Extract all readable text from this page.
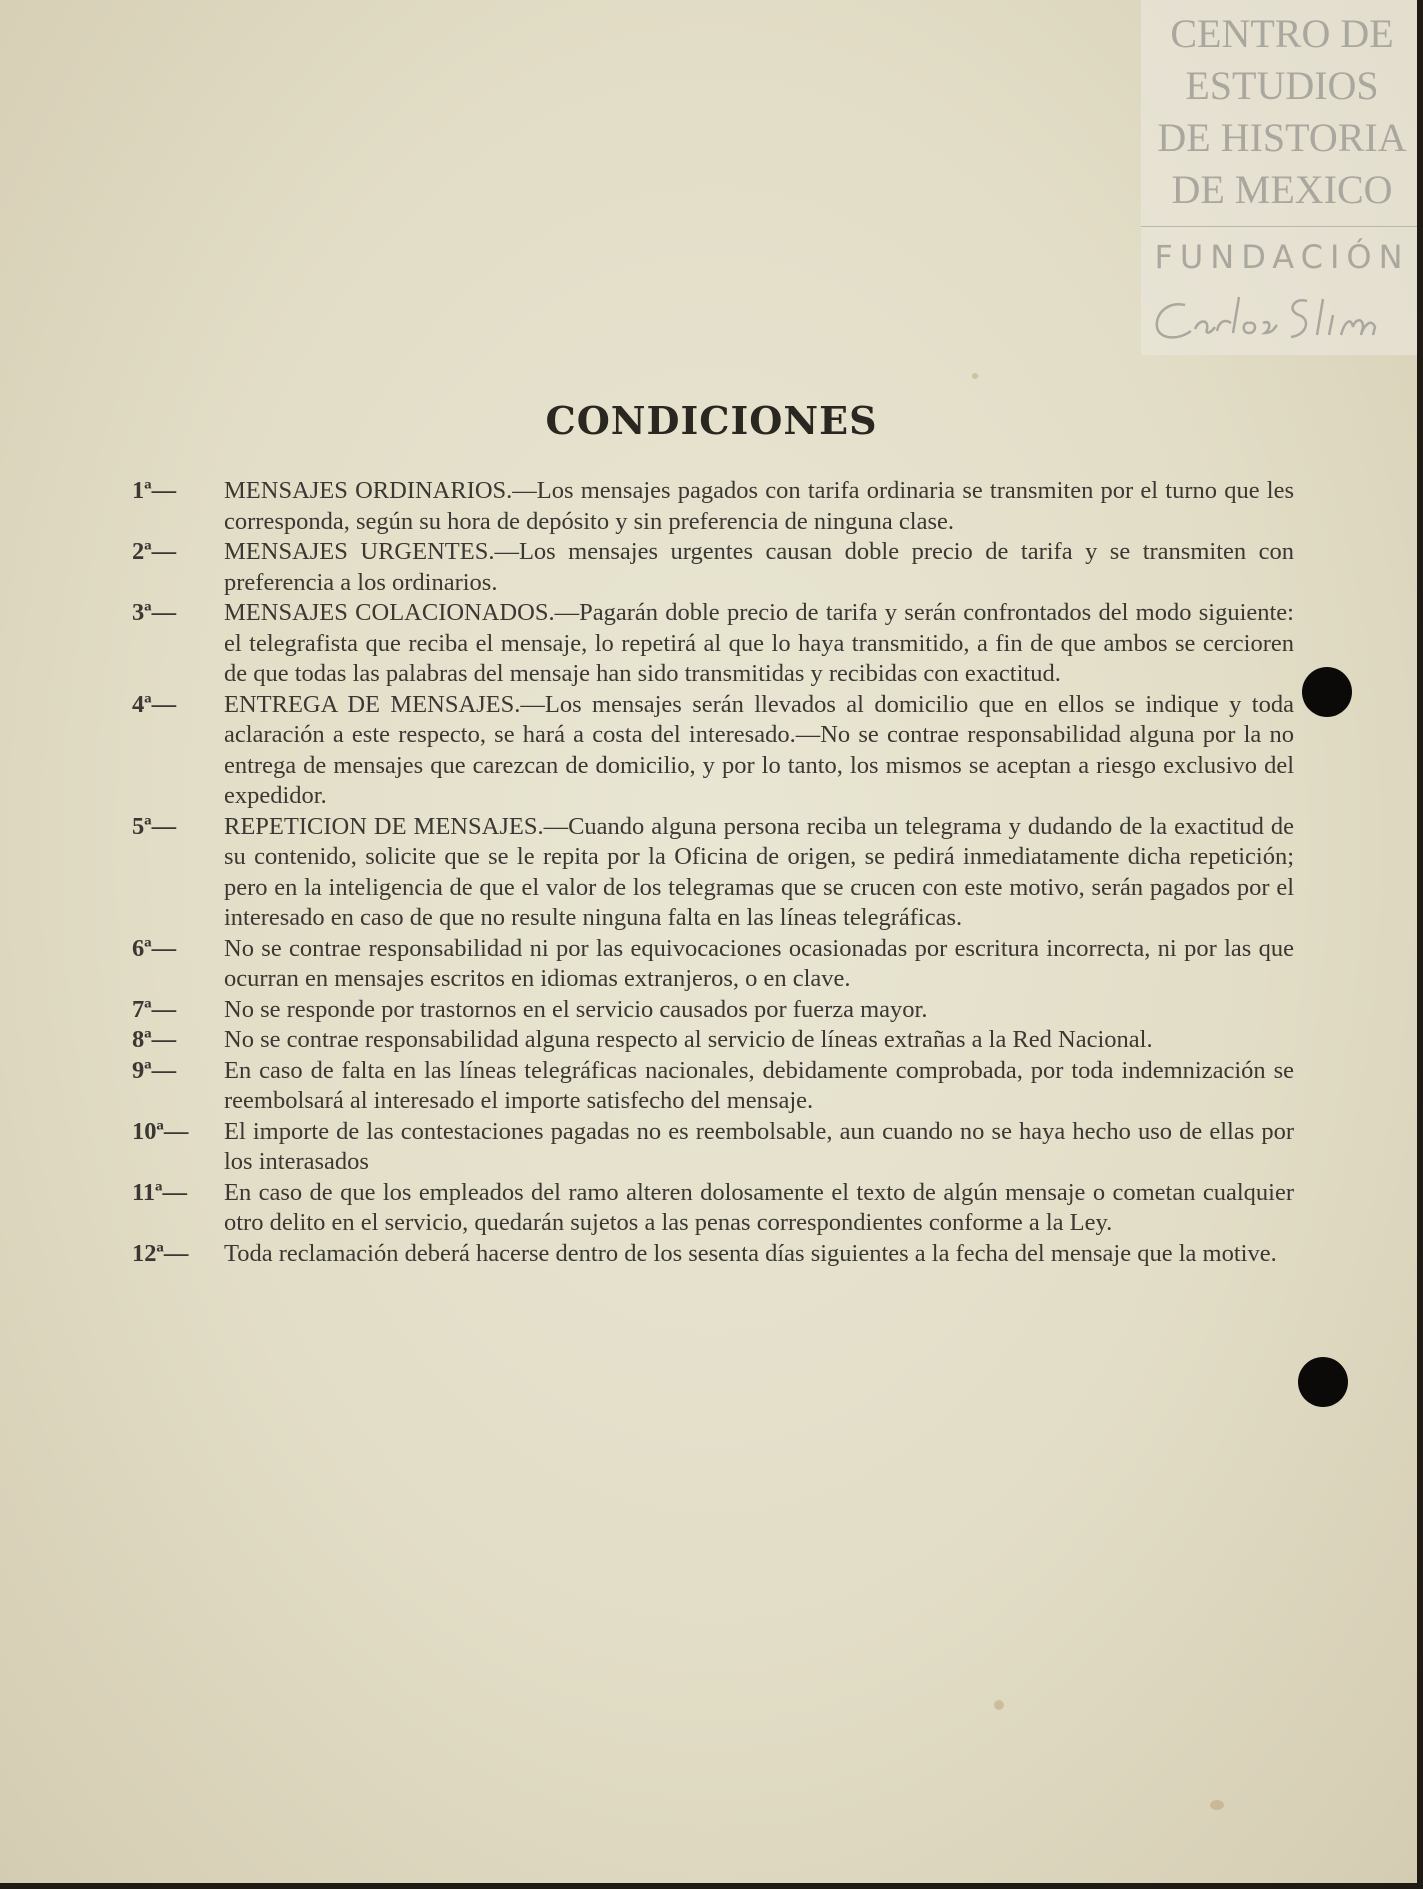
CENTRO DE
ESTUDIOS
DE HISTORIA
DE MEXICO
FUNDACIÓN
CONDICIONES

1ª—	MENSAJES ORDINARIOS.—Los mensajes pagados con tarifa ordinaria se transmiten por el turno que les corresponda, según su hora de depósito y sin preferencia de ninguna clase.

2ª—	MENSAJES URGENTES.—Los mensajes urgentes causan doble precio de tarifa y se transmiten con preferencia a los ordinarios.

3ª—	MENSAJES COLACIONADOS.—Pagarán doble precio de tarifa y serán confrontados del modo siguiente: el telegrafista que reciba el mensaje, lo repetirá al que lo haya transmitido, a fin de que ambos se cercioren de que todas las palabras del mensaje han sido transmitidas y recibidas con exactitud.

4ª—	ENTREGA DE MENSAJES.—Los mensajes serán llevados al domicilio que en ellos se indique y toda aclaración a este respecto, se hará a costa del interesado.—No se contrae responsabilidad alguna por la no entrega de mensajes que carezcan de domicilio, y por lo tanto, los mismos se aceptan a riesgo exclusivo del expedidor.

5ª—	REPETICION DE MENSAJES.—Cuando alguna persona reciba un telegrama y dudando de la exactitud de su contenido, solicite que se le repita por la Oficina de origen, se pedirá inmediatamente dicha repetición; pero en la inteligencia de que el valor de los telegramas que se crucen con este motivo, serán pagados por el interesado en caso de que no resulte ninguna falta en las líneas telegráficas.

6ª—	No se contrae responsabilidad ni por las equivocaciones ocasionadas por escritura incorrecta, ni por las que ocurran en mensajes escritos en idiomas extranjeros, o en clave.

7ª—	No se responde por trastornos en el servicio causados por fuerza mayor.

8ª—	No se contrae responsabilidad alguna respecto al servicio de líneas extrañas a la Red Nacional.

9ª—	En caso de falta en las líneas telegráficas nacionales, debidamente comprobada, por toda indemnización se reembolsará al interesado el importe satisfecho del mensaje.

10ª— El importe de las contestaciones pagadas no es reembolsable, aun cuando no se haya hecho uso de ellas por los interasados

11ª— En caso de que los empleados del ramo alteren dolosamente el texto de algún mensaje o cometan cualquier otro delito en el servicio, quedarán sujetos a las penas correspondientes conforme a la Ley.

12ª— Toda reclamación deberá hacerse dentro de los sesenta días siguientes a la fecha del mensaje que la motive.
